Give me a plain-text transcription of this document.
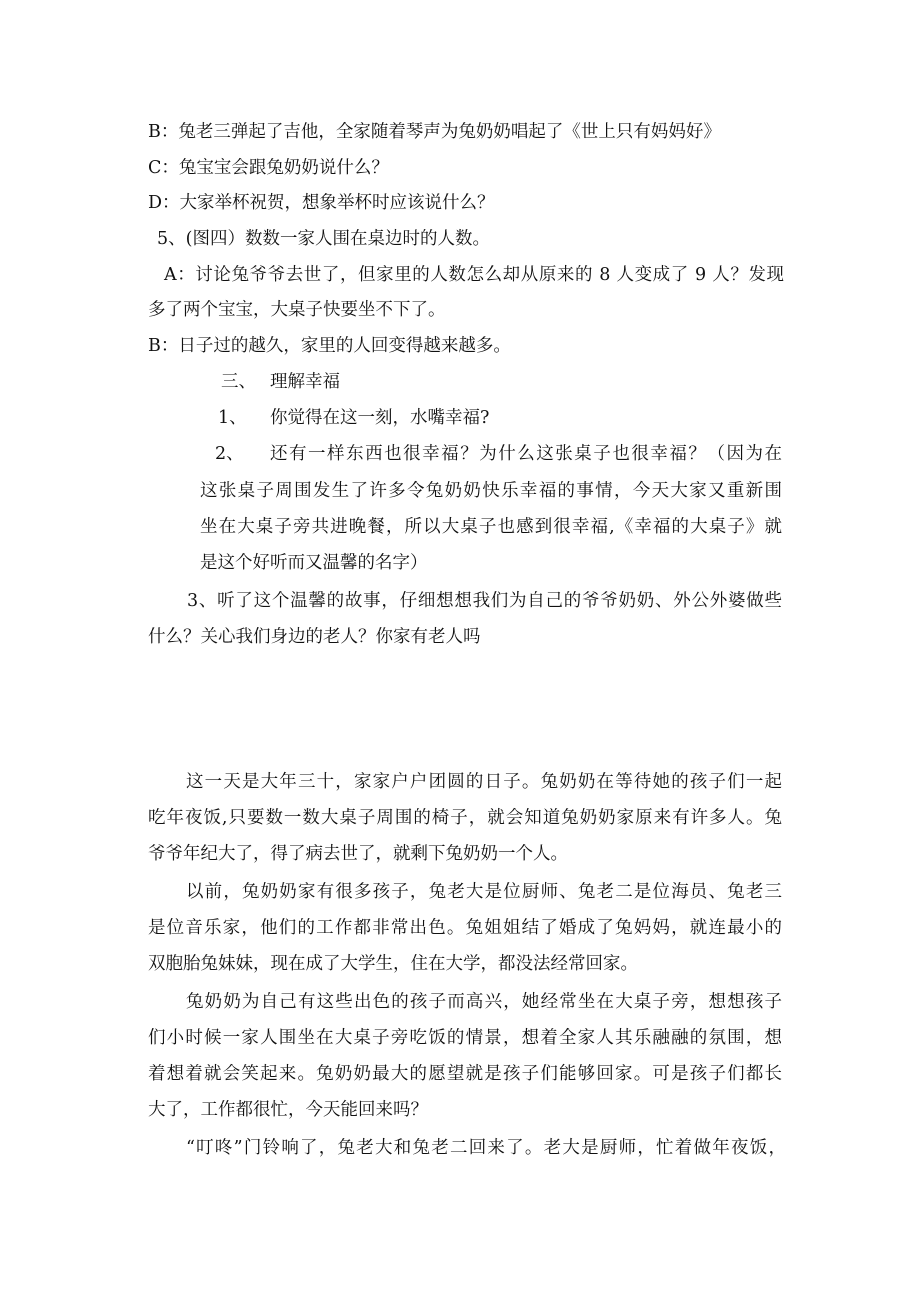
B：兔老三弹起了吉他，全家随着琴声为兔奶奶唱起了《世上只有妈妈好》
C：兔宝宝会跟兔奶奶说什么？
D：大家举杯祝贺，想象举杯时应该说什么？
5、(图四）数数一家人围在桌边时的人数。
A：讨论兔爷爷去世了，但家里的人数怎么却从原来的 8 人变成了 9 人？发现
多了两个宝宝，大桌子快要坐不下了。
B：日子过的越久，家里的人回变得越来越多。
三、 理解幸福
1、 你觉得在这一刻，水嘴幸福?
2、 还有一样东西也很幸福？为什么这张桌子也很幸福？（因为在
这张桌子周围发生了许多令兔奶奶快乐幸福的事情，今天大家又重新围
坐在大桌子旁共进晚餐，所以大桌子也感到很幸福,《幸福的大桌子》就
是这个好听而又温馨的名字）
3、听了这个温馨的故事，仔细想想我们为自己的爷爷奶奶、外公外婆做些
什么？关心我们身边的老人？你家有老人吗
这一天是大年三十，家家户户团圆的日子。兔奶奶在等待她的孩子们一起
吃年夜饭,只要数一数大桌子周围的椅子，就会知道兔奶奶家原来有许多人。兔
爷爷年纪大了，得了病去世了，就剩下兔奶奶一个人。
以前，兔奶奶家有很多孩子，兔老大是位厨师、兔老二是位海员、兔老三
是位音乐家，他们的工作都非常出色。兔姐姐结了婚成了兔妈妈，就连最小的
双胞胎兔妹妹，现在成了大学生，住在大学，都没法经常回家。
兔奶奶为自己有这些出色的孩子而高兴，她经常坐在大桌子旁，想想孩子
们小时候一家人围坐在大桌子旁吃饭的情景，想着全家人其乐融融的氛围，想
着想着就会笑起来。兔奶奶最大的愿望就是孩子们能够回家。可是孩子们都长
大了，工作都很忙，今天能回来吗？
“叮咚”门铃响了，兔老大和兔老二回来了。老大是厨师，忙着做年夜饭，
